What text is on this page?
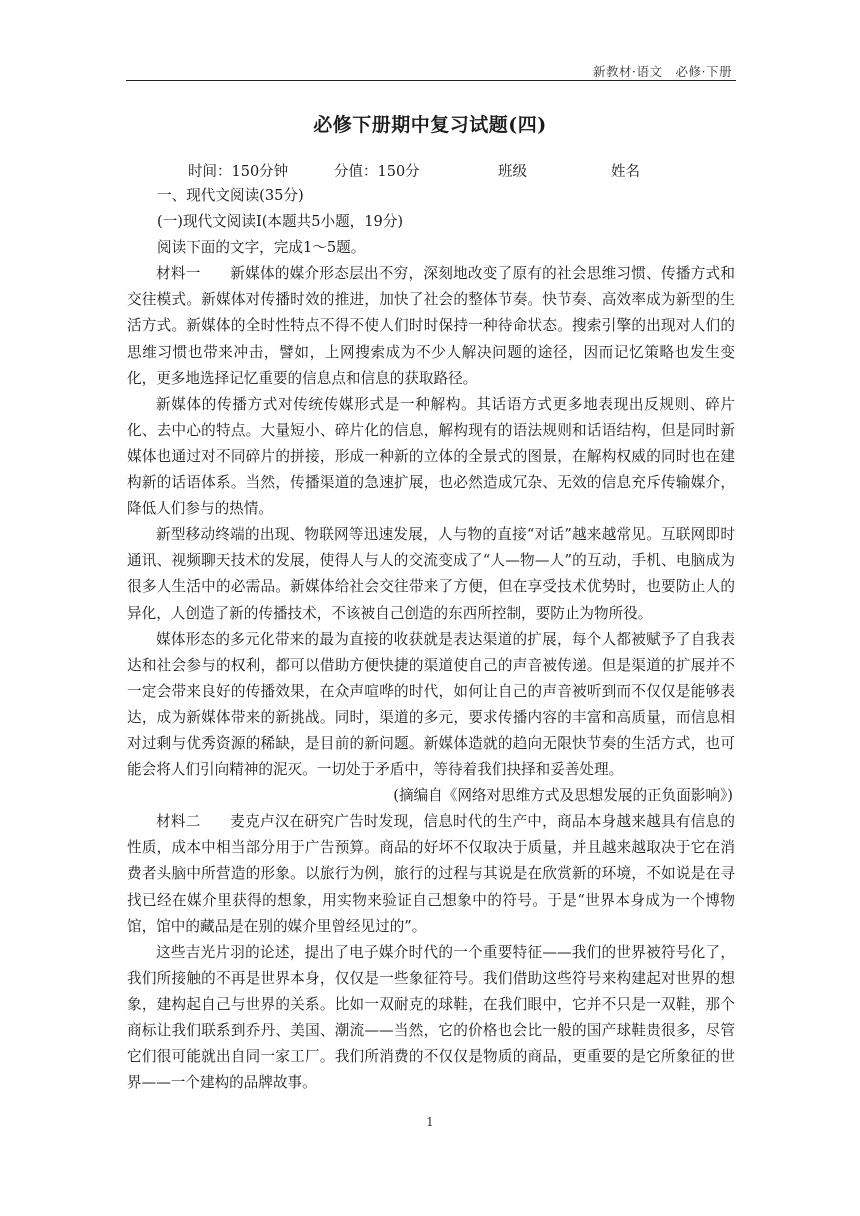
新教材·语文　必修·下册
必修下册期中复习试题(四)
时间：150分钟	分值：150分	班级	姓名

一、现代文阅读(35分)

(一)现代文阅读Ⅰ(本题共5小题，19分)

阅读下面的文字，完成1～5题。

材料一　　新媒体的媒介形态层出不穷，深刻地改变了原有的社会思维习惯、传播方式和交往模式。新媒体对传播时效的推进，加快了社会的整体节奏。快节奏、高效率成为新型的生活方式。新媒体的全时性特点不得不使人们时时保持一种待命状态。搜索引擎的出现对人们的思维习惯也带来冲击，譬如，上网搜索成为不少人解决问题的途径，因而记忆策略也发生变化，更多地选择记忆重要的信息点和信息的获取路径。

新媒体的传播方式对传统传媒形式是一种解构。其话语方式更多地表现出反规则、碎片化、去中心的特点。大量短小、碎片化的信息，解构现有的语法规则和话语结构，但是同时新媒体也通过对不同碎片的拼接，形成一种新的立体的全景式的图景，在解构权威的同时也在建构新的话语体系。当然，传播渠道的急速扩展，也必然造成冗杂、无效的信息充斥传输媒介，降低人们参与的热情。

新型移动终端的出现、物联网等迅速发展，人与物的直接“对话”越来越常见。互联网即时通讯、视频聊天技术的发展，使得人与人的交流变成了“人—物—人”的互动，手机、电脑成为很多人生活中的必需品。新媒体给社会交往带来了方便，但在享受技术优势时，也要防止人的异化，人创造了新的传播技术，不该被自己创造的东西所控制，要防止为物所役。

媒体形态的多元化带来的最为直接的收获就是表达渠道的扩展，每个人都被赋予了自我表达和社会参与的权利，都可以借助方便快捷的渠道使自己的声音被传递。但是渠道的扩展并不一定会带来良好的传播效果，在众声喧哗的时代，如何让自己的声音被听到而不仅仅是能够表达，成为新媒体带来的新挑战。同时，渠道的多元，要求传播内容的丰富和高质量，而信息相对过剩与优秀资源的稀缺，是目前的新问题。新媒体造就的趋向无限快节奏的生活方式，也可能会将人们引向精神的泥灭。一切处于矛盾中，等待着我们抉择和妥善处理。

(摘编自《网络对思维方式及思想发展的正负面影响》)

材料二　　麦克卢汉在研究广告时发现，信息时代的生产中，商品本身越来越具有信息的性质，成本中相当部分用于广告预算。商品的好坏不仅取决于质量，并且越来越取决于它在消费者头脑中所营造的形象。以旅行为例，旅行的过程与其说是在欣赏新的环境，不如说是在寻找已经在媒介里获得的想象，用实物来验证自己想象中的符号。于是“世界本身成为一个博物馆，馆中的藏品是在别的媒介里曾经见过的”。

这些吉光片羽的论述，提出了电子媒介时代的一个重要特征——我们的世界被符号化了，我们所接触的不再是世界本身，仅仅是一些象征符号。我们借助这些符号来构建起对世界的想象，建构起自己与世界的关系。比如一双耐克的球鞋，在我们眼中，它并不只是一双鞋，那个商标让我们联系到乔丹、美国、潮流——当然，它的价格也会比一般的国产球鞋贵很多，尽管它们很可能就出自同一家工厂。我们所消费的不仅仅是物质的商品，更重要的是它所象征的世界——一个建构的品牌故事。

1
